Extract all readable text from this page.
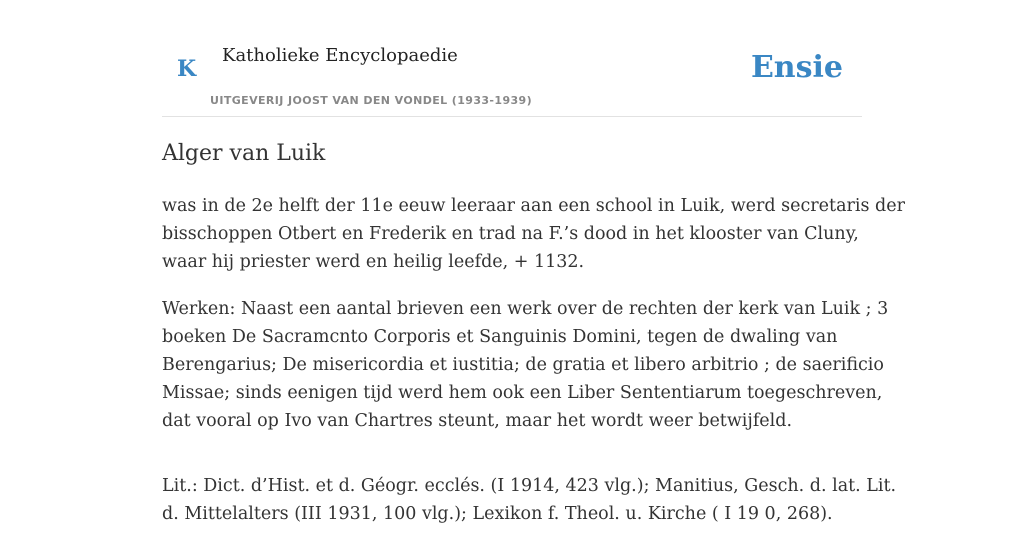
K
Katholieke Encyclopaedie
UITGEVERIJ JOOST VAN DEN VONDEL (1933-1939)
Ensie
Alger van Luik

was in de 2e helft der 11e eeuw leeraar aan een school in Luik, werd secretaris der
bisschoppen Otbert en Frederik en trad na F.’s dood in het klooster van Cluny,
waar hij priester werd en heilig leefde, + 1132.

Werken: Naast een aantal brieven een werk over de rechten der kerk van Luik ; 3
boeken De Sacramcnto Corporis et Sanguinis Domini, tegen de dwaling van
Berengarius; De misericordia et iustitia; de gratia et libero arbitrio ; de saerificio
Missae; sinds eenigen tijd werd hem ook een Liber Sententiarum toegeschreven,
dat vooral op Ivo van Chartres steunt, maar het wordt weer betwijfeld.

Lit.: Dict. d’Hist. et d. Géogr. ecclés. (I 1914, 423 vlg.); Manitius, Gesch. d. lat. Lit.
d. Mittelalters (III 1931, 100 vlg.); Lexikon f. Theol. u. Kirche ( I 19 0, 268).
